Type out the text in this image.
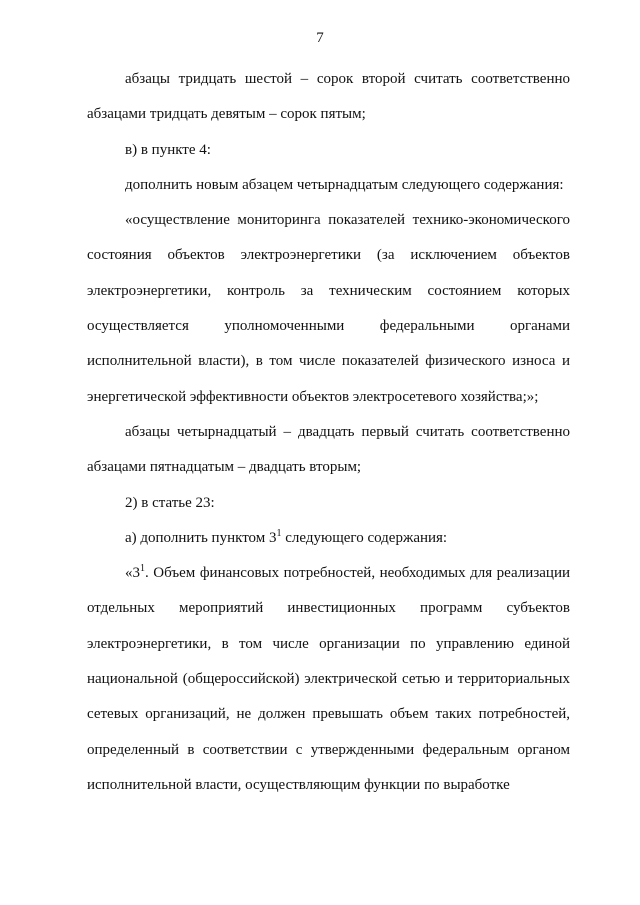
7

абзацы тридцать шестой – сорок второй считать соответственно абзацами тридцать девятым – сорок пятым;

в) в пункте 4:

дополнить новым абзацем четырнадцатым следующего содержания:

«осуществление мониторинга показателей технико-экономического состояния объектов электроэнергетики (за исключением объектов электроэнергетики, контроль за техническим состоянием которых осуществляется уполномоченными федеральными органами исполнительной власти), в том числе показателей физического износа и энергетической эффективности объектов электросетевого хозяйства;»;

абзацы четырнадцатый – двадцать первый считать соответственно абзацами пятнадцатым – двадцать вторым;

2) в статье 23:

а) дополнить пунктом $3^1$ следующего содержания:

«$3^1$. Объем финансовых потребностей, необходимых для реализации отдельных мероприятий инвестиционных программ субъектов электроэнергетики, в том числе организации по управлению единой национальной (общероссийской) электрической сетью и территориальных сетевых организаций, не должен превышать объем таких потребностей, определенный в соответствии с утвержденными федеральным органом исполнительной власти, осуществляющим функции по выработке
